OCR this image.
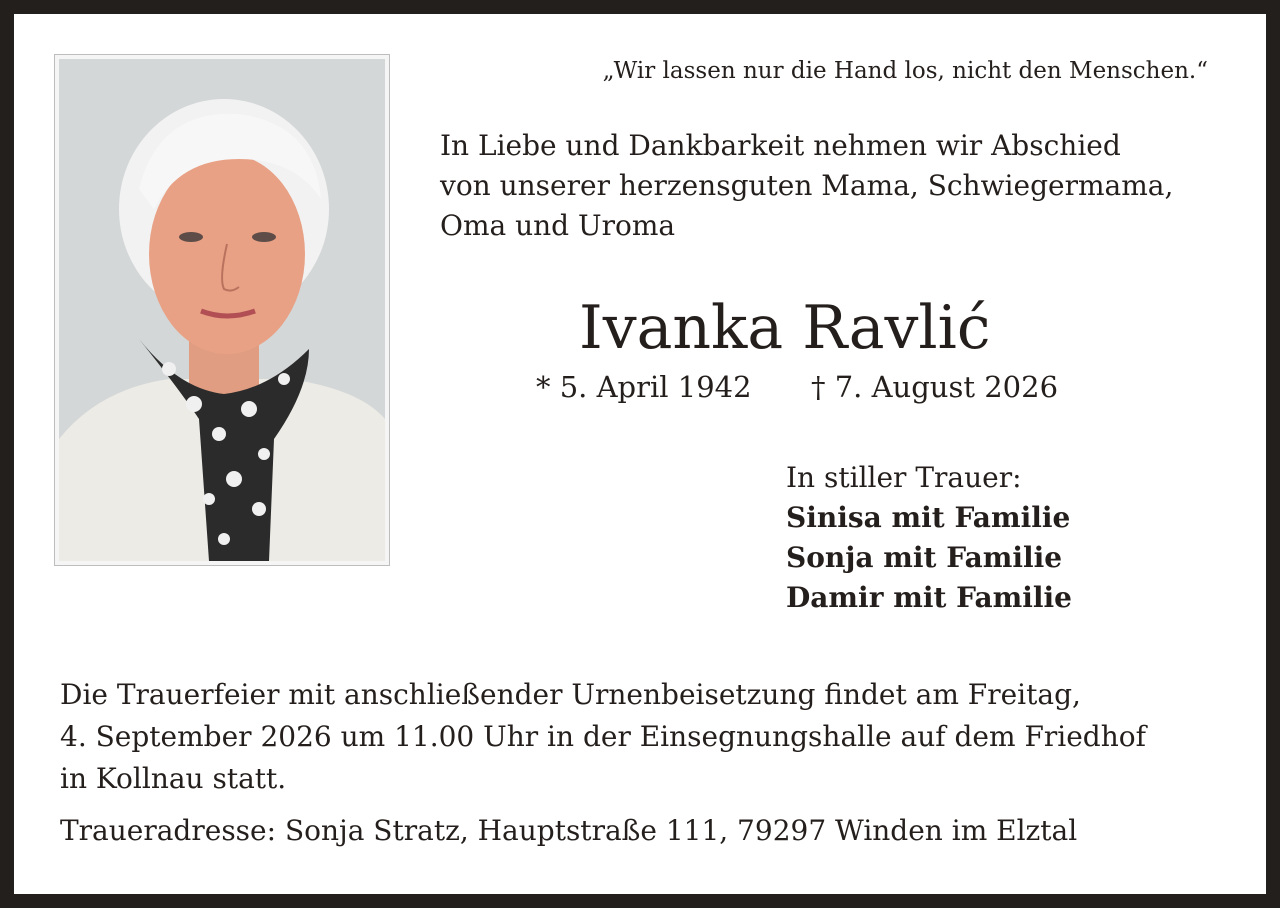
„Wir lassen nur die Hand los, nicht den Menschen.“
In Liebe und Dankbarkeit nehmen wir Abschied
von unserer herzensguten Mama, Schwiegermama,
Oma und Uroma
Ivanka Ravlić
* 5. April 1942 † 7. August 2026
In stiller Trauer:
Sinisa mit Familie
Sonja mit Familie
Damir mit Familie
Die Trauerfeier mit anschließender Urnenbeisetzung findet am Freitag,
4. September 2026 um 11.00 Uhr in der Einsegnungshalle auf dem Friedhof
in Kollnau statt.
Traueradresse: Sonja Stratz, Hauptstraße 111, 79297 Winden im Elztal
